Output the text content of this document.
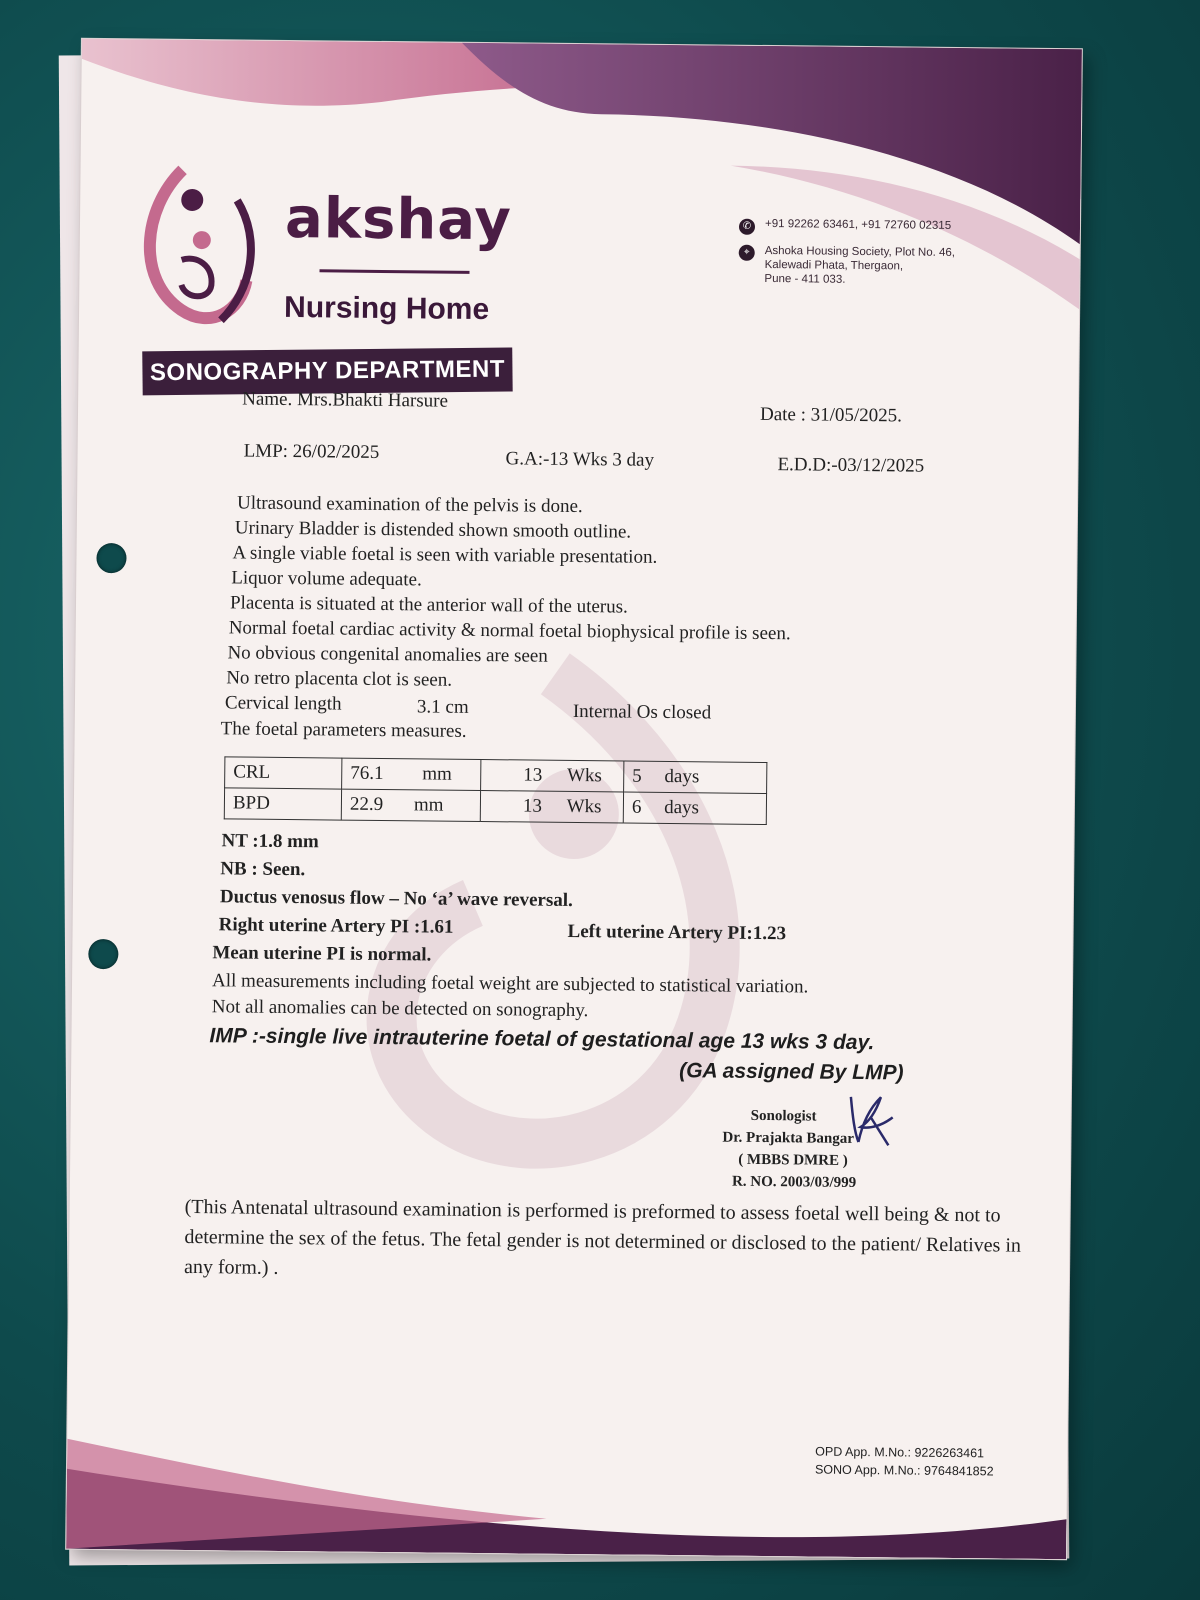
akshay
Nursing Home
SONOGRAPHY DEPARTMENT
✆	+91 92262 63461, +91 72760 02315
⌖	Ashoka Housing Society, Plot No. 46,
Kalewadi Phata, Thergaon,
Pune - 411 033.
Name. Mrs.Bhakti Harsure
Date : 31/05/2025.
LMP: 26/02/2025	G.A:-13 Wks 3 day	E.D.D:-03/12/2025
Ultrasound examination of the pelvis is done.
Urinary Bladder is distended shown smooth outline.
A single viable foetal is seen with variable presentation.
Liquor volume adequate.
Placenta is situated at the anterior wall of the uterus.
Normal foetal cardiac activity & normal foetal biophysical profile is seen.
No obvious congenital anomalies are seen
No retro placenta clot is seen.
Cervical length	3.1 cm	Internal Os closed
The foetal parameters measures.
CRL	76.1 mm	13 Wks	5 days
BPD	22.9 mm	13 Wks	6 days
NT :1.8 mm
NB : Seen.
Ductus venosus flow – No ‘a’ wave reversal.
Right uterine Artery PI :1.61	Left uterine Artery PI:1.23
Mean uterine PI is normal.
All measurements including foetal weight are subjected to statistical variation.
Not all anomalies can be detected on sonography.
IMP :-single live intrauterine foetal of gestational age 13 wks 3 day.
(GA assigned By LMP)
Sonologist
Dr. Prajakta Bangar
( MBBS DMRE )
R. NO. 2003/03/999
(This Antenatal ultrasound examination is performed is preformed to assess foetal well being & not to determine the sex of the fetus. The fetal gender is not determined or disclosed to the patient/ Relatives in any form.) .
OPD App. M.No.: 9226263461
SONO App. M.No.: 9764841852
